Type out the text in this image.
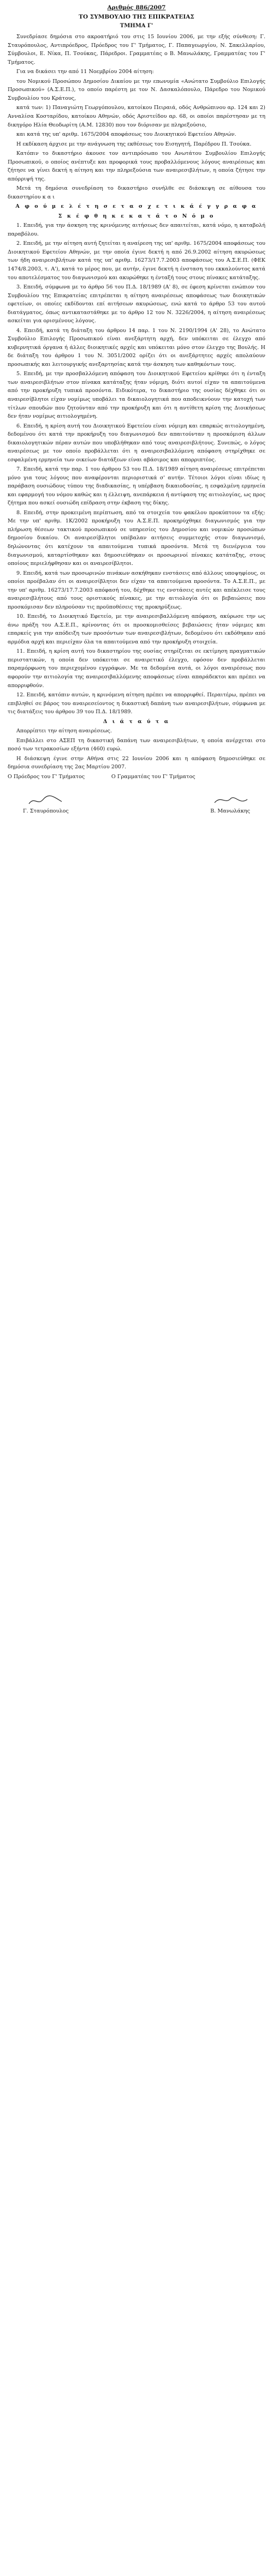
Αριθμός 886/2007
ΤΟ ΣΥΜΒΟΥΛΙΟ ΤΗΣ ΕΠΙΚΡΑΤΕΙΑΣ
ΤΜΗΜΑ Γ'

Συνεδρίασε δημόσια στο ακροατήριό του στις 15 Ιουνίου 2006, με την εξής σύνθεση: Γ. Σταυρόπουλος, Αντιπρόεδρος, Πρόεδρος του Γ' Τμήματος, Γ. Παπαγεωργίου, Ν. Σακελλαρίου, Σύμβουλοι, Ε. Νίκα, Π. Τσούκας, Πάρεδροι. Γραμματέας ο Β. Μανωλάκης, Γραμματέας του Γ' Τμήματος.

Για να δικάσει την από 11 Νοεμβρίου 2004 αίτηση:

του Νομικού Προσώπου Δημοσίου Δικαίου με την επωνυμία «Ανώτατο Συμβούλιο Επιλογής Προσωπικού» (Α.Σ.Ε.Π.), το οποίο παρέστη με τον Ν. Δασκαλόπουλο, Πάρεδρο του Νομικού Συμβουλίου του Κράτους,

κατά των: 1) Παναγιώτη Γεωργόπουλου, κατοίκου Πειραιά, οδός Ανθρώπινου αρ. 124 και 2) Ανναλίσα Κοσταρίδου, κατοίκου Αθηνών, οδός Αριστείδου αρ. 68, οι οποίοι παρέστησαν με τη δικηγόρο Ηλία Θεοδωρίτη (Α.Μ. 12830) που τον διόρισαν με πληρεξούσιο,

και κατά της υπ' αριθμ. 1675/2004 αποφάσεως του Διοικητικού Εφετείου Αθηνών.

Η εκδίκαση άρχισε με την ανάγνωση της εκθέσεως του Εισηγητή, Παρέδρου Π. Τσούκα.

Κατόπιν το δικαστήριο άκουσε τον αντιπρόσωπο του Ανωτάτου Συμβουλίου Επιλογής Προσωπικού, ο οποίος ανέπτυξε και προφορικά τους προβαλλόμενους λόγους αναιρέσεως και ζήτησε να γίνει δεκτή η αίτηση και την πληρεξούσια των αναιρεσιβλήτων, η οποία ζήτησε την απόρριψή της.

Μετά τη δημόσια συνεδρίαση το δικαστήριο συνήλθε σε διάσκεψη σε αίθουσα του δικαστηρίου κ α ι

Α φ ο ύ μ ε λ έ τ η σ ε τ α σ χ ε τ ι κ ά έ γ γ ρ α φ α

Σ κ έ φ θ η κ ε κ α τ ά τ ο Ν ό μ ο

1. Επειδή, για την άσκηση της κρινόμενης αιτήσεως δεν απαιτείται, κατά νόμο, η καταβολή παραβόλου.

2. Επειδή, με την αίτηση αυτή ζητείται η αναίρεση της υπ' αριθμ. 1675/2004 αποφάσεως του Διοικητικού Εφετείου Αθηνών, με την οποία έγινε δεκτή η από 26.9.2002 αίτηση ακυρώσεως των ήδη αναιρεσιβλήτων κατά της υπ' αριθμ. 16273/17.7.2003 αποφάσεως του Α.Σ.Ε.Π. (ΦΕΚ 1474/8.2003, τ. Α'), κατά το μέρος που, με αυτήν, έγινε δεκτή η ένσταση του εκκαλούντος κατά του αποτελέσματος του διαγωνισμού και ακυρώθηκε η ένταξή τους στους πίνακες κατάταξης.

3. Επειδή, σύμφωνα με το άρθρο 56 του Π.Δ. 18/1989 (Α' 8), σε έφεση κρίνεται ενώπιον του Συμβουλίου της Επικρατείας επιτρέπεται η αίτηση αναιρέσεως αποφάσεως των διοικητικών εφετείων, οι οποίες εκδίδονται επί αιτήσεων ακυρώσεως, ενώ κατά το άρθρο 53 του αυτού διατάγματος, όπως αντικαταστάθηκε με το άρθρο 12 του Ν. 3226/2004, η αίτηση αναιρέσεως ασκείται για ορισμένους λόγους.

4. Επειδή, κατά τη διάταξη του άρθρου 14 παρ. 1 του Ν. 2190/1994 (Α' 28), το Ανώτατο Συμβούλιο Επιλογής Προσωπικού είναι ανεξάρτητη αρχή, δεν υπόκειται σε έλεγχο από κυβερνητικά όργανα ή άλλες διοικητικές αρχές και υπόκειται μόνο στον έλεγχο της Βουλής. Η δε διάταξη του άρθρου 1 του Ν. 3051/2002 ορίζει ότι οι ανεξάρτητες αρχές απολαύουν προσωπικής και λειτουργικής ανεξαρτησίας κατά την άσκηση των καθηκόντων τους.

5. Επειδή, με την προσβαλλόμενη απόφαση του Διοικητικού Εφετείου κρίθηκε ότι η ένταξη των αναιρεσιβλήτων στον πίνακα κατάταξης ήταν νόμιμη, διότι αυτοί είχαν τα απαιτούμενα από την προκήρυξη τυπικά προσόντα. Ειδικότερα, το δικαστήριο της ουσίας δέχθηκε ότι οι αναιρεσίβλητοι είχαν νομίμως υποβάλει τα δικαιολογητικά που αποδεικνύουν την κατοχή των τίτλων σπουδών που ζητούνταν από την προκήρυξη και ότι η αντίθετη κρίση της Διοικήσεως δεν ήταν νομίμως αιτιολογημένη.

6. Επειδή, η κρίση αυτή του Διοικητικού Εφετείου είναι νόμιμη και επαρκώς αιτιολογημένη, δεδομένου ότι κατά την προκήρυξη του διαγωνισμού δεν απαιτούνταν η προσκόμιση άλλων δικαιολογητικών πέραν αυτών που υποβλήθηκαν από τους αναιρεσιβλήτους. Συνεπώς, ο λόγος αναιρέσεως με τον οποίο προβάλλεται ότι η αναιρεσιβαλλόμενη απόφαση στηρίχθηκε σε εσφαλμένη ερμηνεία των οικείων διατάξεων είναι αβάσιμος και απορριπτέος.

7. Επειδή, κατά την παρ. 1 του άρθρου 53 του Π.Δ. 18/1989 αίτηση αναιρέσεως επιτρέπεται μόνο για τους λόγους που αναφέρονται περιοριστικά σ' αυτήν. Τέτοιοι λόγοι είναι ιδίως η παράβαση ουσιώδους τύπου της διαδικασίας, η υπέρβαση δικαιοδοσίας, η εσφαλμένη ερμηνεία και εφαρμογή του νόμου καθώς και η έλλειψη, ανεπάρκεια ή αντίφαση της αιτιολογίας, ως προς ζήτημα που ασκεί ουσιώδη επίδραση στην έκβαση της δίκης.

8. Επειδή, στην προκειμένη περίπτωση, από τα στοιχεία του φακέλου προκύπτουν τα εξής: Με την υπ' αριθμ. 1Κ/2002 προκήρυξη του Α.Σ.Ε.Π. προκηρύχθηκε διαγωνισμός για την πλήρωση θέσεων τακτικού προσωπικού σε υπηρεσίες του Δημοσίου και νομικών προσώπων δημοσίου δικαίου. Οι αναιρεσίβλητοι υπέβαλαν αιτήσεις συμμετοχής στον διαγωνισμό, δηλώνοντας ότι κατέχουν τα απαιτούμενα τυπικά προσόντα. Μετά τη διενέργεια του διαγωνισμού, καταρτίσθηκαν και δημοσιεύθηκαν οι προσωρινοί πίνακες κατάταξης, στους οποίους περιελήφθησαν και οι αναιρεσίβλητοι.

9. Επειδή, κατά των προσωρινών πινάκων ασκήθηκαν ενστάσεις από άλλους υποψηφίους, οι οποίοι προέβαλαν ότι οι αναιρεσίβλητοι δεν είχαν τα απαιτούμενα προσόντα. Το Α.Σ.Ε.Π., με την υπ' αριθμ. 16273/17.7.2003 απόφασή του, δέχθηκε τις ενστάσεις αυτές και απέκλεισε τους αναιρεσιβλήτους από τους οριστικούς πίνακες, με την αιτιολογία ότι οι βεβαιώσεις που προσκόμισαν δεν πληρούσαν τις προϋποθέσεις της προκηρύξεως.

10. Επειδή, το Διοικητικό Εφετείο, με την αναιρεσιβαλλόμενη απόφαση, ακύρωσε την ως άνω πράξη του Α.Σ.Ε.Π., κρίνοντας ότι οι προσκομισθείσες βεβαιώσεις ήταν νόμιμες και επαρκείς για την απόδειξη των προσόντων των αναιρεσιβλήτων, δεδομένου ότι εκδόθηκαν από αρμόδια αρχή και περιείχαν όλα τα απαιτούμενα από την προκήρυξη στοιχεία.

11. Επειδή, η κρίση αυτή του δικαστηρίου της ουσίας στηρίζεται σε εκτίμηση πραγματικών περιστατικών, η οποία δεν υπόκειται σε αναιρετικό έλεγχο, εφόσον δεν προβάλλεται παραμόρφωση του περιεχομένου εγγράφων. Με τα δεδομένα αυτά, οι λόγοι αναιρέσεως που αφορούν την αιτιολογία της αναιρεσιβαλλόμενης αποφάσεως είναι απαράδεκτοι και πρέπει να απορριφθούν.

12. Επειδή, κατόπιν αυτών, η κρινόμενη αίτηση πρέπει να απορριφθεί. Περαιτέρω, πρέπει να επιβληθεί σε βάρος του αναιρεσείοντος η δικαστική δαπάνη των αναιρεσιβλήτων, σύμφωνα με τις διατάξεις του άρθρου 39 του Π.Δ. 18/1989.

Δ ι ά τ α ύ τ α

Απορρίπτει την αίτηση αναιρέσεως.

Επιβάλλει στο ΑΣΕΠ τη δικαστική δαπάνη των αναιρεσιβλήτων, η οποία ανέρχεται στο ποσό των τετρακοσίων εξήντα (460) ευρώ.

Η διάσκεψη έγινε στην Αθήνα στις 22 Ιουνίου 2006 και η απόφαση δημοσιεύθηκε σε δημόσια συνεδρίαση της 2ας Μαρτίου 2007.

Ο Πρόεδρος του Γ' Τμήματος                Ο Γραμματέας του Γ' Τμήματος

Γ. Σταυρόπουλος	Β. Μανωλάκης
